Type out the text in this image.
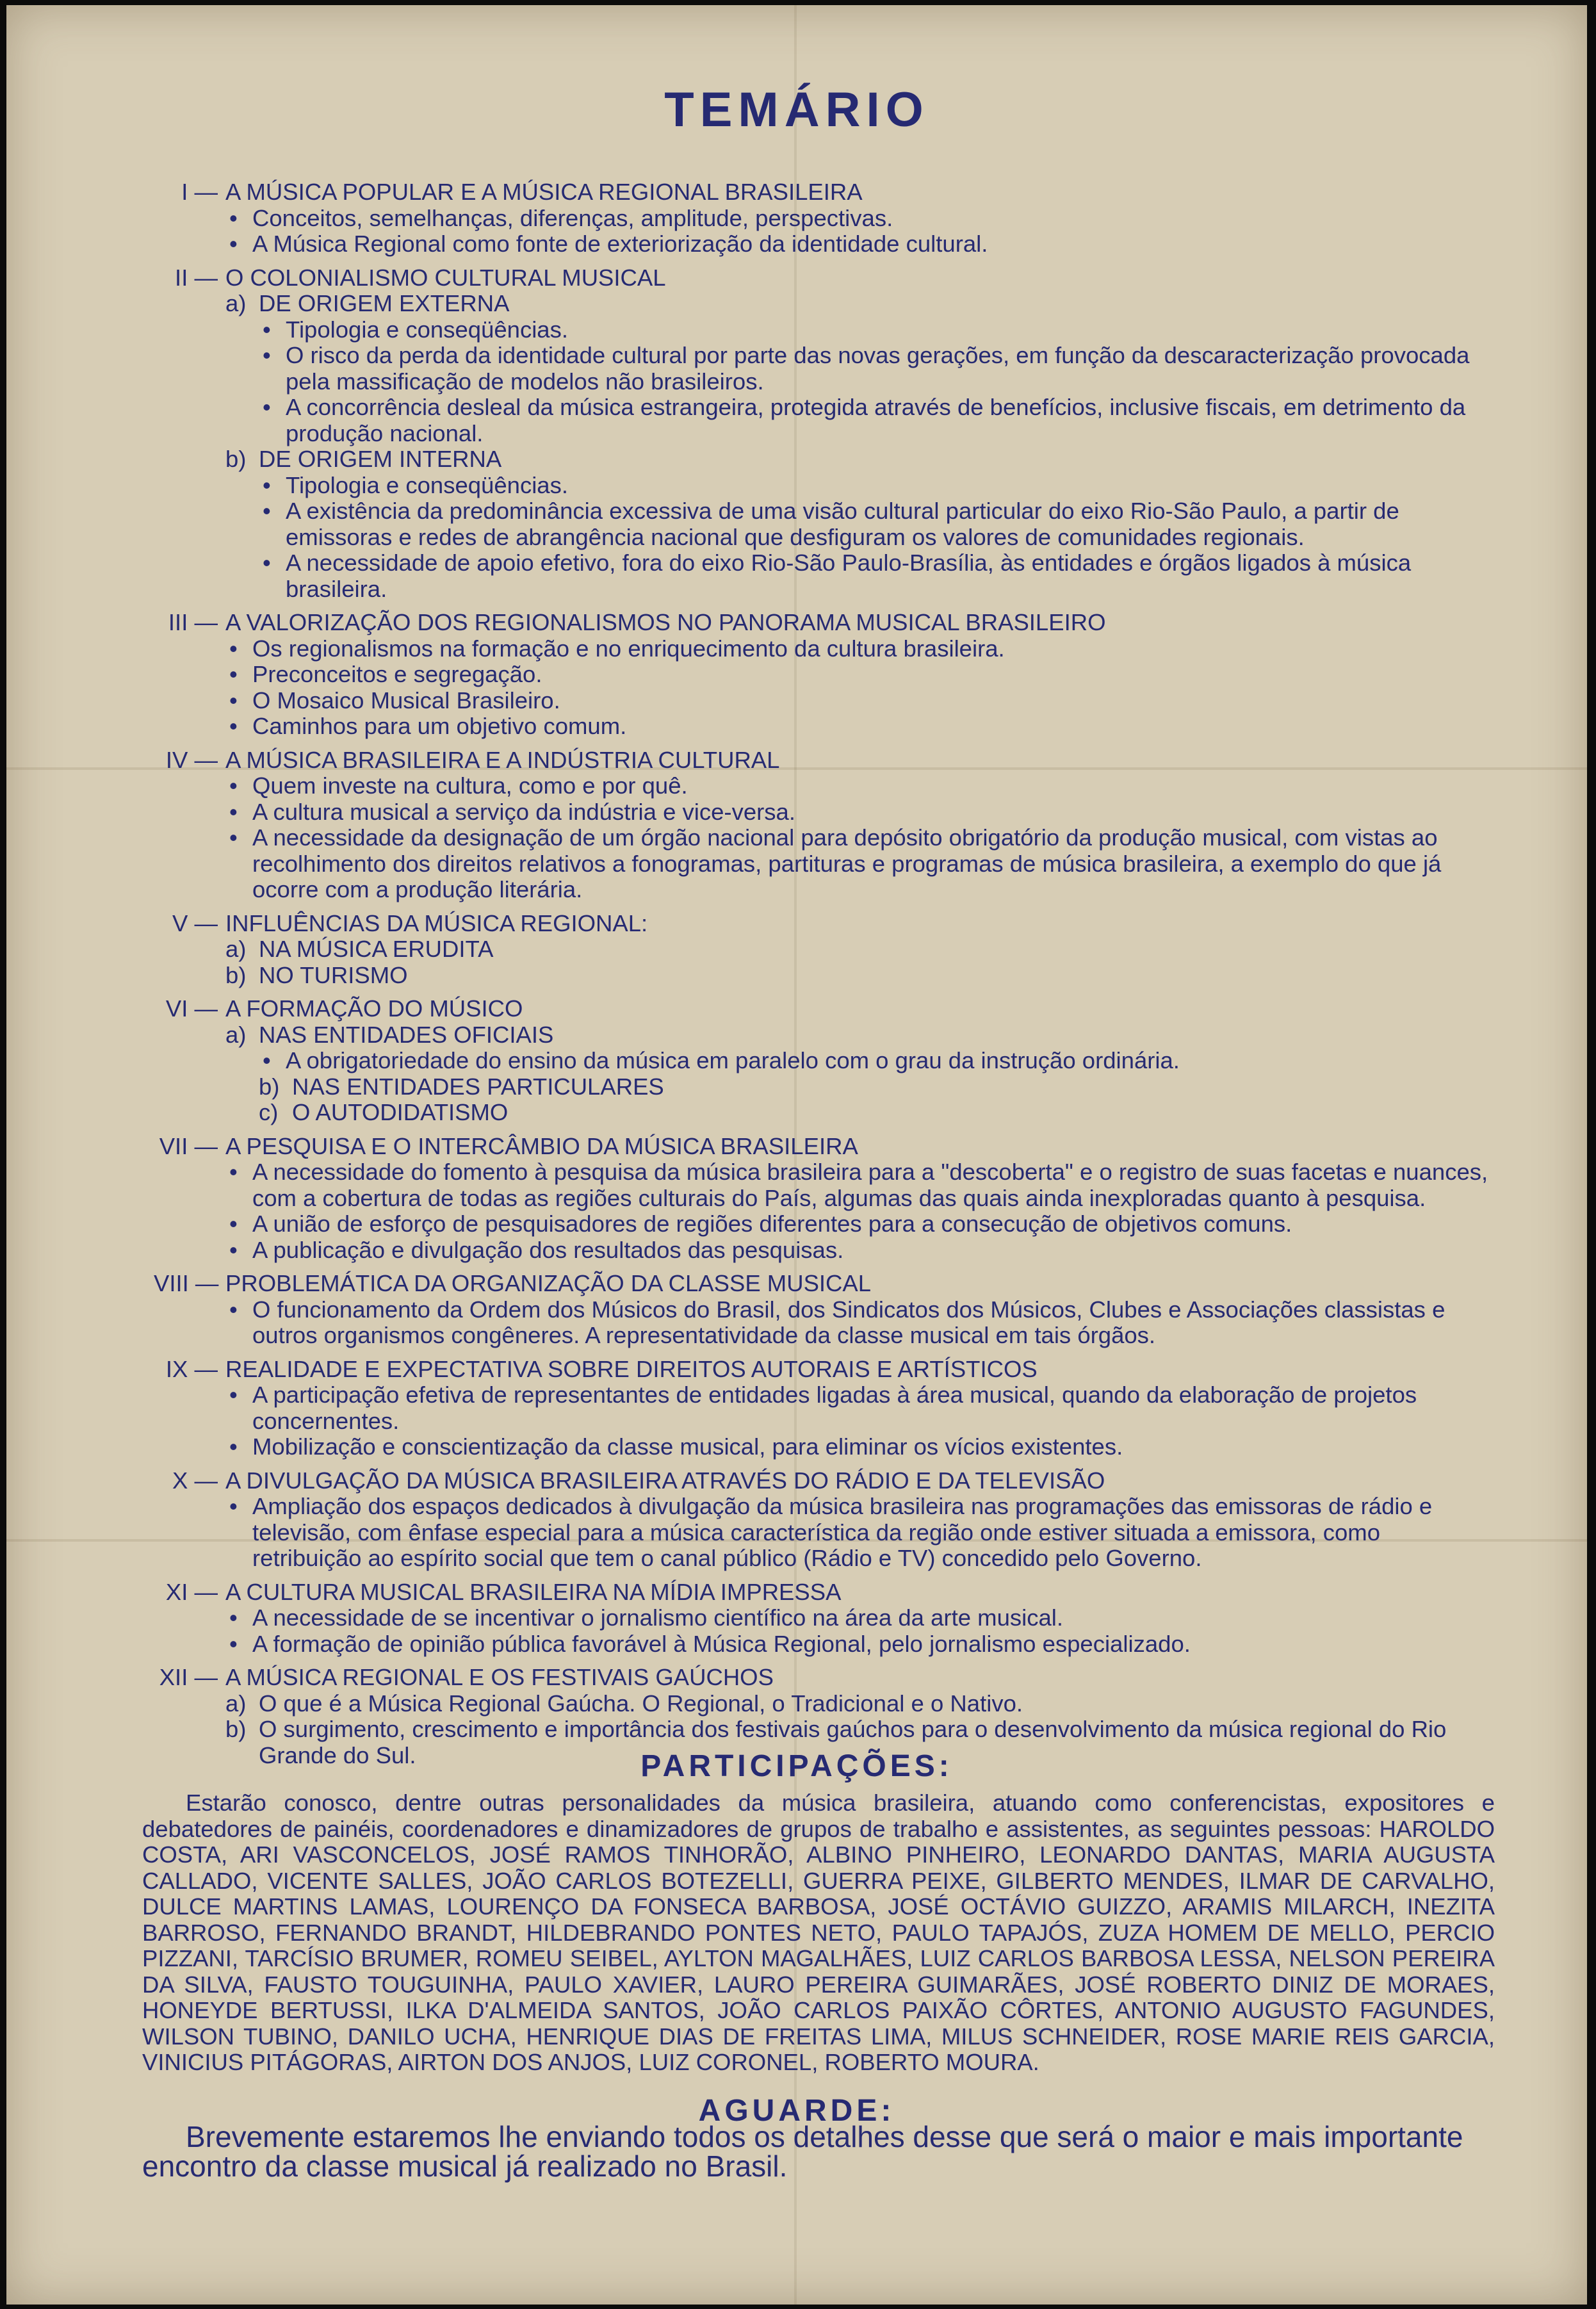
TEMÁRIO
I —	A MÚSICA POPULAR E A MÚSICA REGIONAL BRASILEIRA
• Conceitos, semelhanças, diferenças, amplitude, perspectivas.
• A Música Regional como fonte de exteriorização da identidade cultural.
II —	O COLONIALISMO CULTURAL MUSICAL
a) DE ORIGEM EXTERNA
• Tipologia e conseqüências.
• O risco da perda da identidade cultural por parte das novas gerações, em função da descaracterização provocada pela massificação de modelos não brasileiros.
• A concorrência desleal da música estrangeira, protegida através de benefícios, inclusive fiscais, em detrimento da produção nacional.
b) DE ORIGEM INTERNA
• Tipologia e conseqüências.
• A existência da predominância excessiva de uma visão cultural particular do eixo Rio-São Paulo, a partir de emissoras e redes de abrangência nacional que desfiguram os valores de comunidades regionais.
• A necessidade de apoio efetivo, fora do eixo Rio-São Paulo-Brasília, às entidades e órgãos ligados à música brasileira.
III —	A VALORIZAÇÃO DOS REGIONALISMOS NO PANORAMA MUSICAL BRASILEIRO
• Os regionalismos na formação e no enriquecimento da cultura brasileira.
• Preconceitos e segregação.
• O Mosaico Musical Brasileiro.
• Caminhos para um objetivo comum.
IV —	A MÚSICA BRASILEIRA E A INDÚSTRIA CULTURAL
• Quem investe na cultura, como e por quê.
• A cultura musical a serviço da indústria e vice-versa.
• A necessidade da designação de um órgão nacional para depósito obrigatório da produção musical, com vistas ao recolhimento dos direitos relativos a fonogramas, partituras e programas de música brasileira, a exemplo do que já ocorre com a produção literária.
V —	INFLUÊNCIAS DA MÚSICA REGIONAL:
a) NA MÚSICA ERUDITA
b) NO TURISMO
VI —	A FORMAÇÃO DO MÚSICO
a) NAS ENTIDADES OFICIAIS
• A obrigatoriedade do ensino da música em paralelo com o grau da instrução ordinária.
b) NAS ENTIDADES PARTICULARES
c) O AUTODIDATISMO
VII —	A PESQUISA E O INTERCÂMBIO DA MÚSICA BRASILEIRA
• A necessidade do fomento à pesquisa da música brasileira para a "descoberta" e o registro de suas facetas e nuances, com a cobertura de todas as regiões culturais do País, algumas das quais ainda inexploradas quanto à pesquisa.
• A união de esforço de pesquisadores de regiões diferentes para a consecução de objetivos comuns.
• A publicação e divulgação dos resultados das pesquisas.
VIII —	PROBLEMÁTICA DA ORGANIZAÇÃO DA CLASSE MUSICAL
• O funcionamento da Ordem dos Músicos do Brasil, dos Sindicatos dos Músicos, Clubes e Associações classistas e outros organismos congêneres. A representatividade da classe musical em tais órgãos.
IX —	REALIDADE E EXPECTATIVA SOBRE DIREITOS AUTORAIS E ARTÍSTICOS
• A participação efetiva de representantes de entidades ligadas à área musical, quando da elaboração de projetos concernentes.
• Mobilização e conscientização da classe musical, para eliminar os vícios existentes.
X —	A DIVULGAÇÃO DA MÚSICA BRASILEIRA ATRAVÉS DO RÁDIO E DA TELEVISÃO
• Ampliação dos espaços dedicados à divulgação da música brasileira nas programações das emissoras de rádio e televisão, com ênfase especial para a música característica da região onde estiver situada a emissora, como retribuição ao espírito social que tem o canal público (Rádio e TV) concedido pelo Governo.
XI —	A CULTURA MUSICAL BRASILEIRA NA MÍDIA IMPRESSA
• A necessidade de se incentivar o jornalismo científico na área da arte musical.
• A formação de opinião pública favorável à Música Regional, pelo jornalismo especializado.
XII —	A MÚSICA REGIONAL E OS FESTIVAIS GAÚCHOS
a) O que é a Música Regional Gaúcha. O Regional, o Tradicional e o Nativo.
b) O surgimento, crescimento e importância dos festivais gaúchos para o desenvolvimento da música regional do Rio Grande do Sul.	PARTICIPAÇÕES:
Estarão conosco, dentre outras personalidades da música brasileira, atuando como conferencistas, expositores e debatedores de painéis, coordenadores e dinamizadores de grupos de trabalho e assistentes, as seguintes pessoas: HAROLDO COSTA, ARI VASCONCELOS, JOSÉ RAMOS TINHORÃO, ALBINO PINHEIRO, LEONARDO DANTAS, MARIA AUGUSTA CALLADO, VICENTE SALLES, JOÃO CARLOS BOTEZELLI, GUERRA PEIXE, GILBERTO MENDES, ILMAR DE CARVALHO, DULCE MARTINS LAMAS, LOURENÇO DA FONSECA BARBOSA, JOSÉ OCTÁVIO GUIZZO, ARAMIS MILARCH, INEZITA BARROSO, FERNANDO BRANDT, HILDEBRANDO PONTES NETO, PAULO TAPAJÓS, ZUZA HOMEM DE MELLO, PERCIO PIZZANI, TARCÍSIO BRUMER, ROMEU SEIBEL, AYLTON MAGALHÃES, LUIZ CARLOS BARBOSA LESSA, NELSON PEREIRA DA SILVA, FAUSTO TOUGUINHA, PAULO XAVIER, LAURO PEREIRA GUIMARÃES, JOSÉ ROBERTO DINIZ DE MORAES, HONEYDE BERTUSSI, ILKA D'ALMEIDA SANTOS, JOÃO CARLOS PAIXÃO CÔRTES, ANTONIO AUGUSTO FAGUNDES, WILSON TUBINO, DANILO UCHA, HENRIQUE DIAS DE FREITAS LIMA, MILUS SCHNEIDER, ROSE MARIE REIS GARCIA, VINICIUS PITÁGORAS, AIRTON DOS ANJOS, LUIZ CORONEL, ROBERTO MOURA.
AGUARDE:
Brevemente estaremos lhe enviando todos os detalhes desse que será o maior e mais importante encontro da classe musical já realizado no Brasil.
